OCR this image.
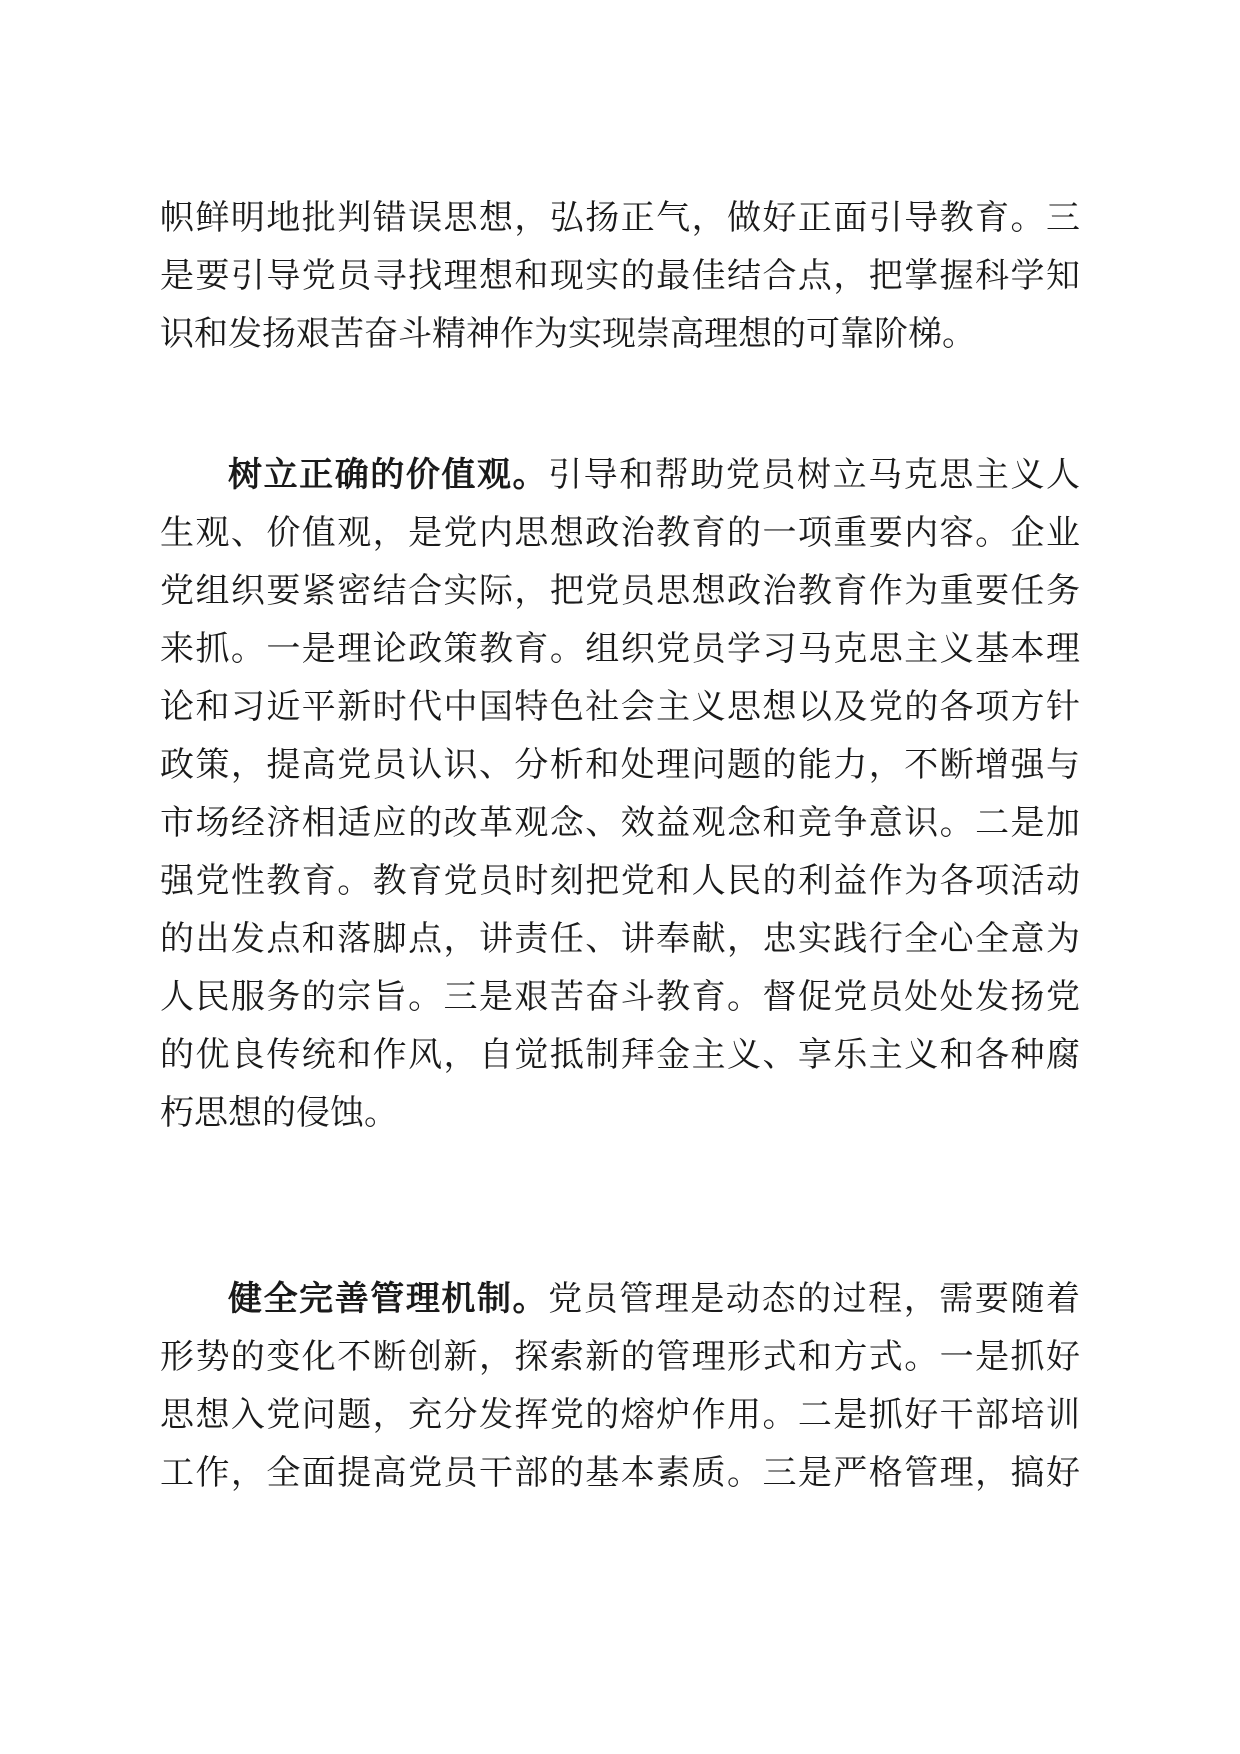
帜鲜明地批判错误思想，弘扬正气，做好正面引导教育。三
是要引导党员寻找理想和现实的最佳结合点，把掌握科学知
识和发扬艰苦奋斗精神作为实现崇高理想的可靠阶梯。
树立正确的价值观。引导和帮助党员树立马克思主义人
生观、价值观，是党内思想政治教育的一项重要内容。企业
党组织要紧密结合实际，把党员思想政治教育作为重要任务
来抓。一是理论政策教育。组织党员学习马克思主义基本理
论和习近平新时代中国特色社会主义思想以及党的各项方针
政策，提高党员认识、分析和处理问题的能力，不断增强与
市场经济相适应的改革观念、效益观念和竞争意识。二是加
强党性教育。教育党员时刻把党和人民的利益作为各项活动
的出发点和落脚点，讲责任、讲奉献，忠实践行全心全意为
人民服务的宗旨。三是艰苦奋斗教育。督促党员处处发扬党
的优良传统和作风，自觉抵制拜金主义、享乐主义和各种腐
朽思想的侵蚀。
健全完善管理机制。党员管理是动态的过程，需要随着
形势的变化不断创新，探索新的管理形式和方式。一是抓好
思想入党问题，充分发挥党的熔炉作用。二是抓好干部培训
工作，全面提高党员干部的基本素质。三是严格管理，搞好
